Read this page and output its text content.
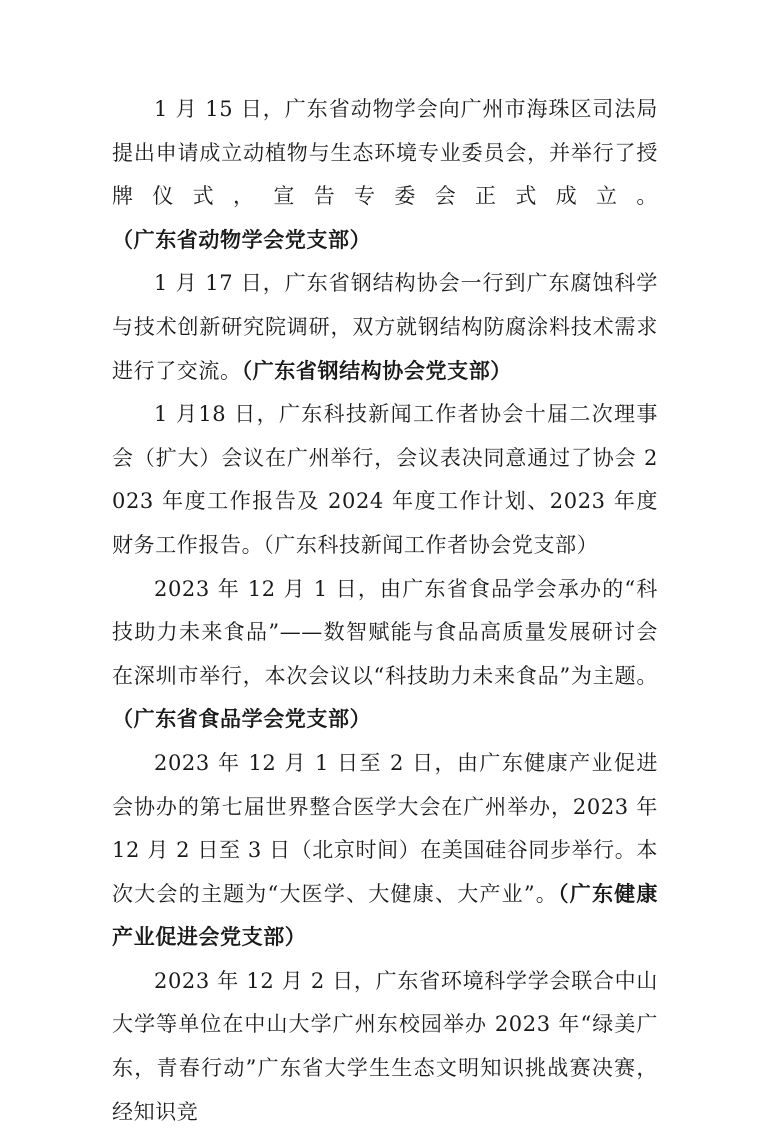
1 月 15 日，广东省动物学会向广州市海珠区司法局提出申请成立动植物与生态环境专业委员会，并举行了授牌仪式，宣告专委会正式成立。（广东省动物学会党支部）

1 月 17 日，广东省钢结构协会一行到广东腐蚀科学与技术创新研究院调研，双方就钢结构防腐涂料技术需求进行了交流。（广东省钢结构协会党支部）

1 月18 日，广东科技新闻工作者协会十届二次理事会（扩大）会议在广州举行，会议表决同意通过了协会 2023 年度工作报告及 2024 年度工作计划、2023 年度财务工作报告。（广东科技新闻工作者协会党支部）

2023 年 12 月 1 日，由广东省食品学会承办的“科技助力未来食品”——数智赋能与食品高质量发展研讨会在深圳市举行，本次会议以“科技助力未来食品”为主题。（广东省食品学会党支部）

2023 年 12 月 1 日至 2 日，由广东健康产业促进会协办的第七届世界整合医学大会在广州举办，2023 年 12 月 2 日至 3 日（北京时间）在美国硅谷同步举行。本次大会的主题为“大医学、大健康、大产业”。（广东健康产业促进会党支部）

2023 年 12 月 2 日，广东省环境科学学会联合中山大学等单位在中山大学广州东校园举办 2023 年“绿美广东，青春行动”广东省大学生生态文明知识挑战赛决赛，经知识竞
